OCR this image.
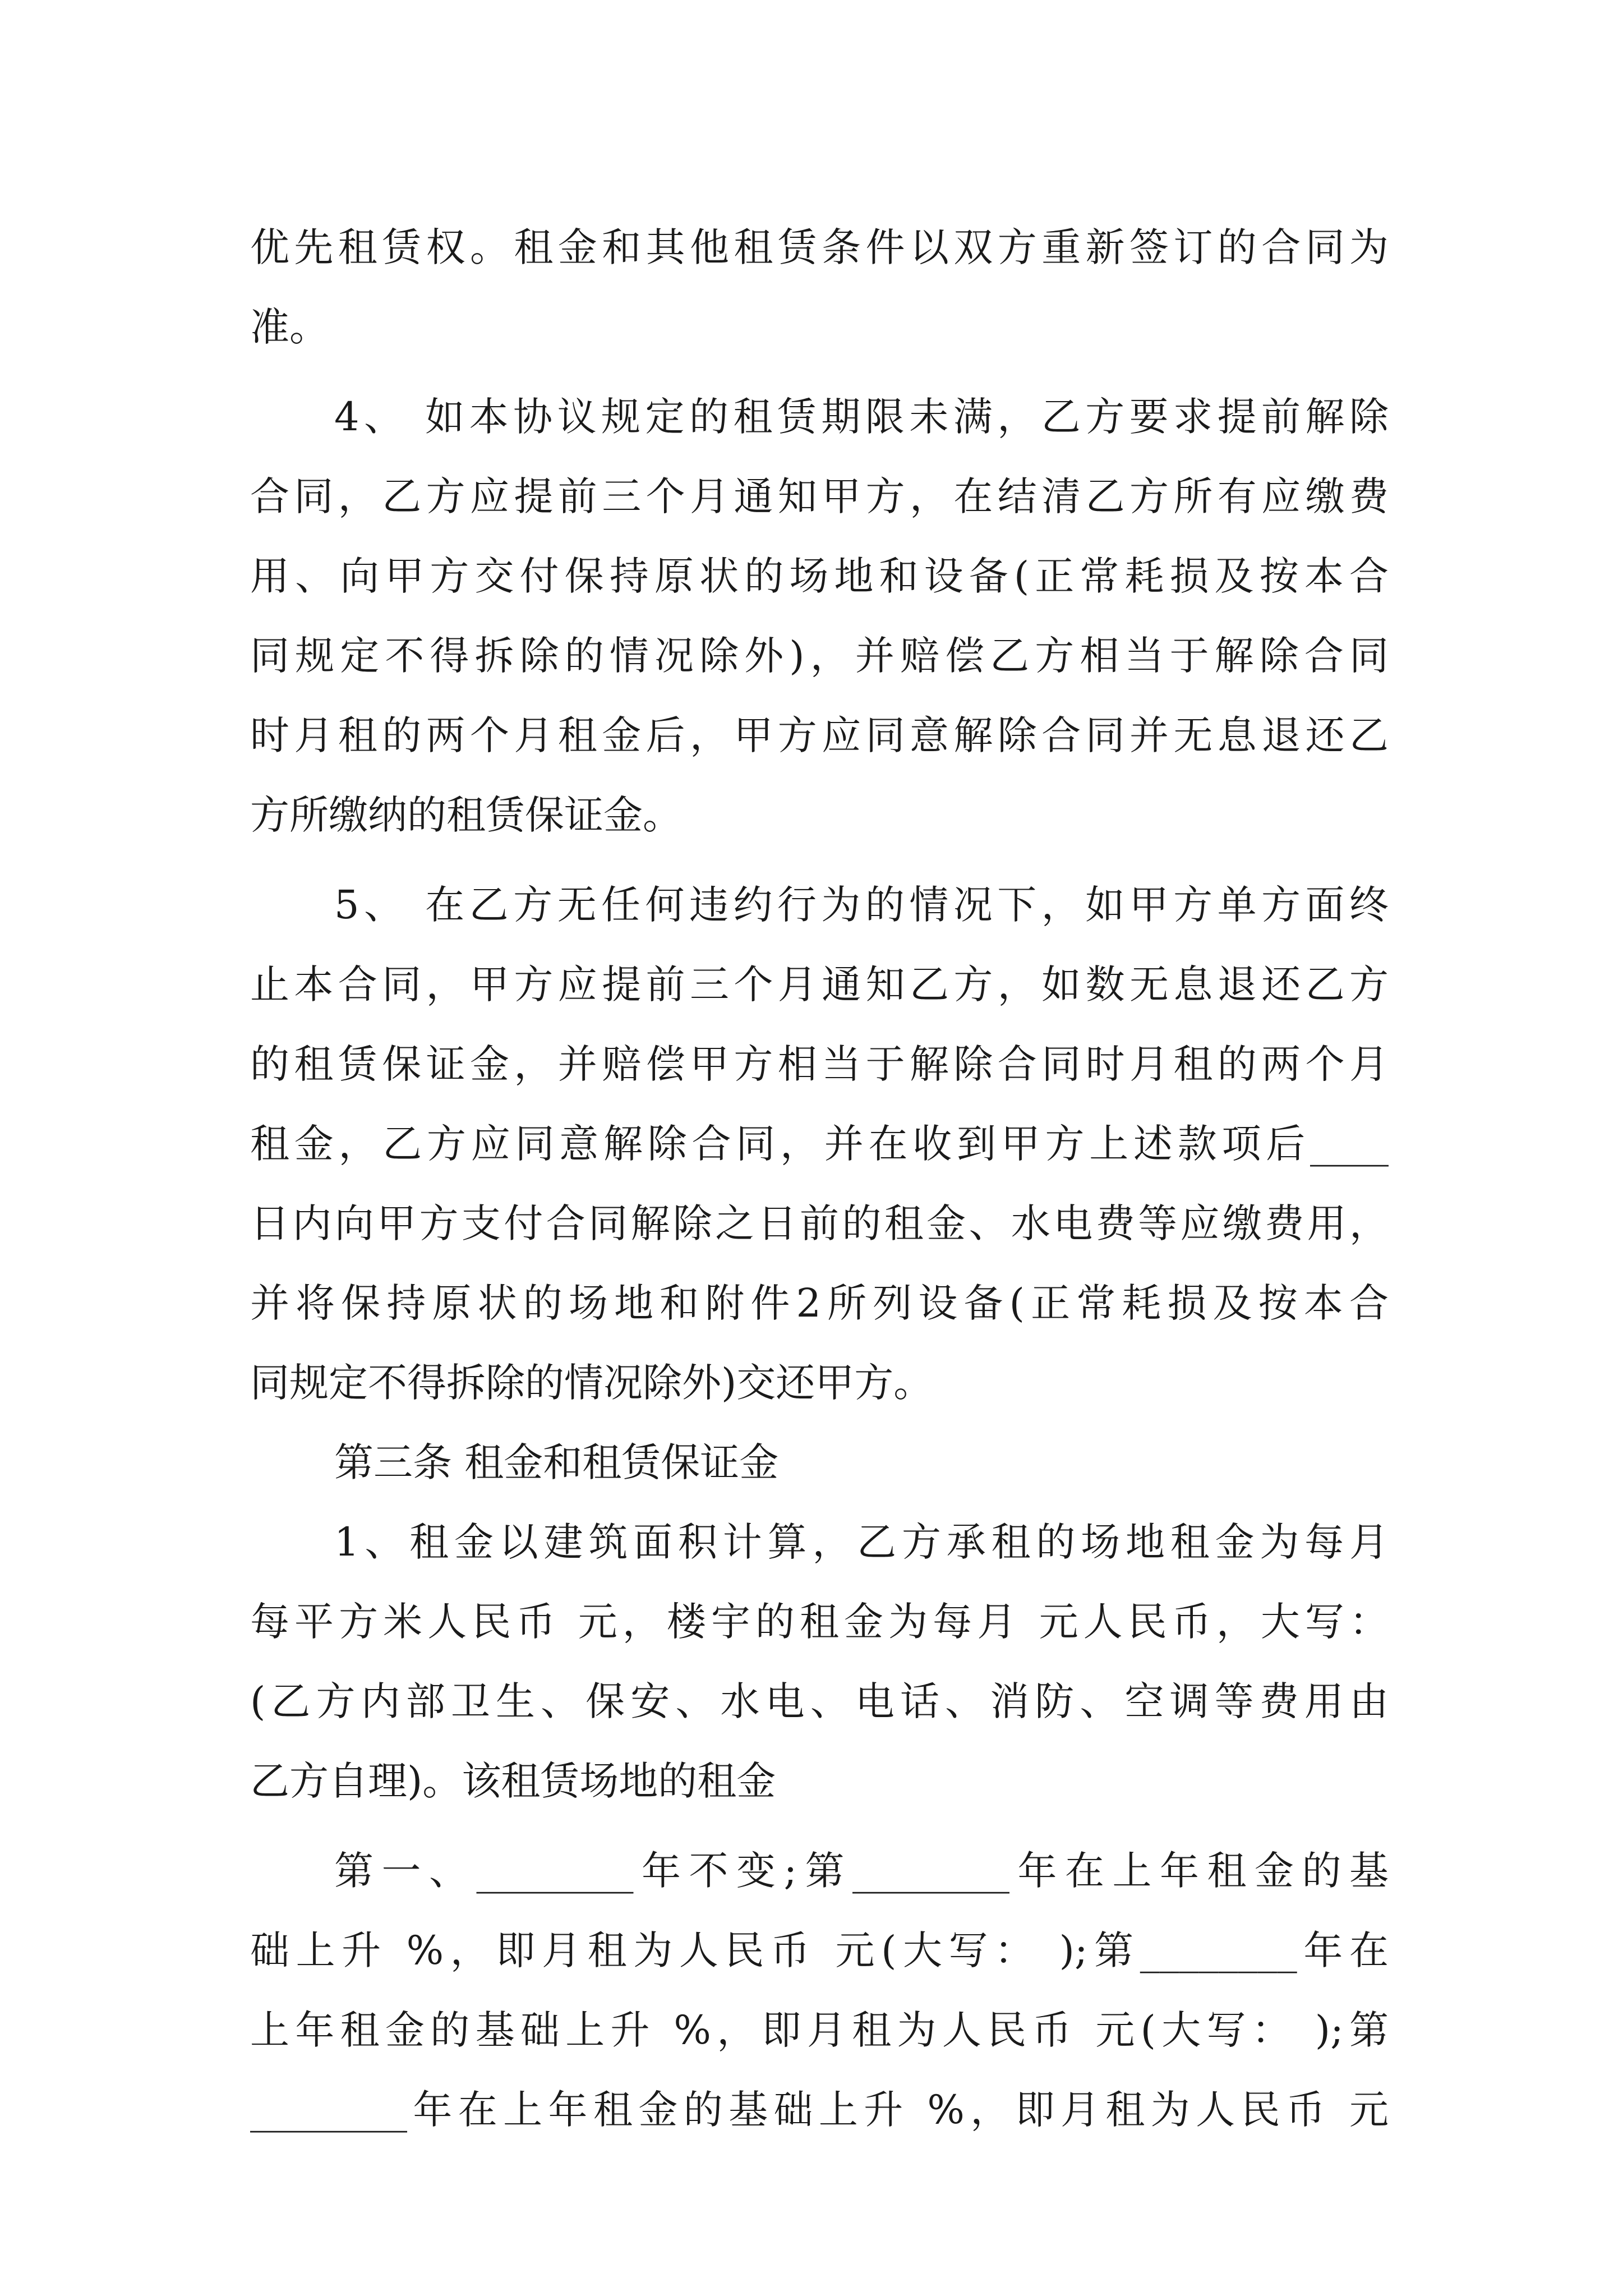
优先租赁权。租金和其他租赁条件以双方重新签订的合同为
准。
4、 如本协议规定的租赁期限未满，乙方要求提前解除
合同，乙方应提前三个月通知甲方，在结清乙方所有应缴费
用、向甲方交付保持原状的场地和设备(正常耗损及按本合
同规定不得拆除的情况除外)，并赔偿乙方相当于解除合同
时月租的两个月租金后，甲方应同意解除合同并无息退还乙
方所缴纳的租赁保证金。
5、 在乙方无任何违约行为的情况下，如甲方单方面终
止本合同，甲方应提前三个月通知乙方，如数无息退还乙方
的租赁保证金，并赔偿甲方相当于解除合同时月租的两个月
租金，乙方应同意解除合同，并在收到甲方上述款项后____
日内向甲方支付合同解除之日前的租金、水电费等应缴费用，
并将保持原状的场地和附件2所列设备(正常耗损及按本合
同规定不得拆除的情况除外)交还甲方。
第三条 租金和租赁保证金
1、租金以建筑面积计算，乙方承租的场地租金为每月
每平方米人民币 元，楼宇的租金为每月 元人民币，大写：
(乙方内部卫生、保安、水电、电话、消防、空调等费用由
乙方自理)。该租赁场地的租金
第一、________年不变;第________年在上年租金的基
础上升 %，即月租为人民币 元(大写： );第________年在
上年租金的基础上升 %，即月租为人民币 元(大写： );第
________年在上年租金的基础上升 %，即月租为人民币 元
